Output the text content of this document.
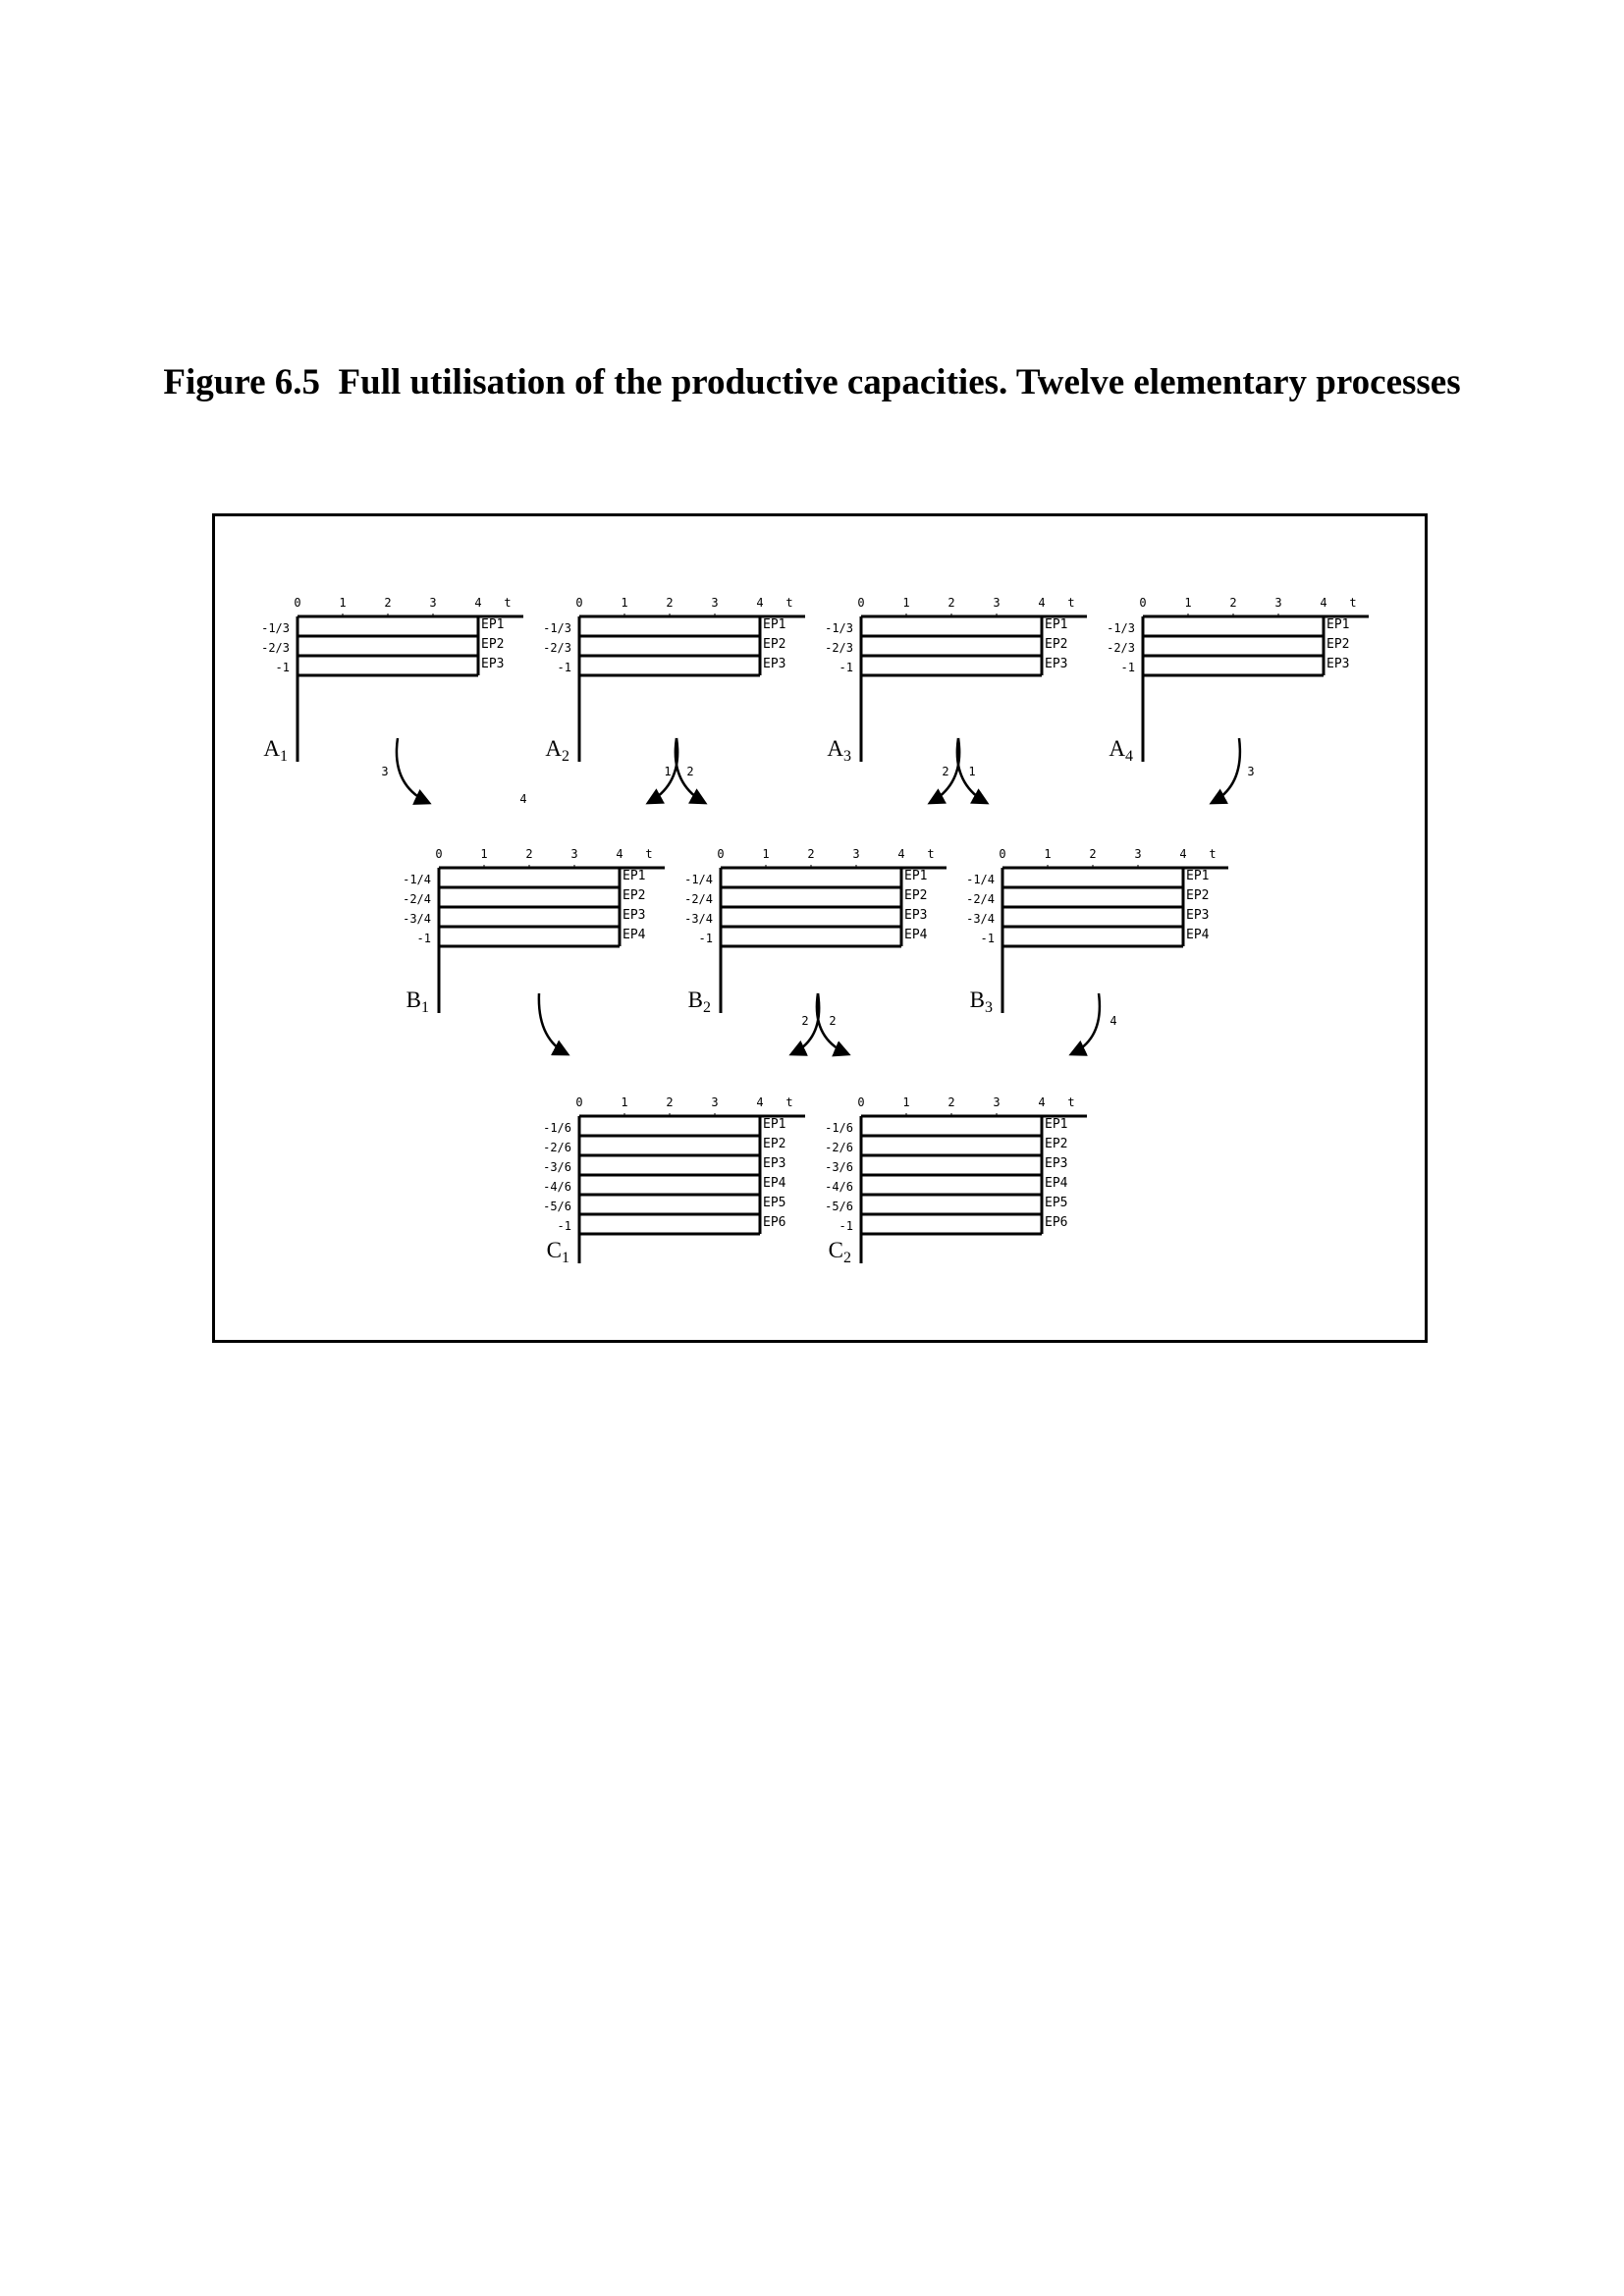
Figure 6.5  Full utilisation of the productive capacities. Twelve elementary processes
0	1	2	3	4 t
-1/3
-2/3
-1
EP1
EP2
EP3
$A_1$
0	1	2	3	4 t
-1/3
-2/3
-1
EP1
EP2
EP3
$A_2$
0	1	2	3	4 t
-1/3
-2/3
-1
EP1
EP2
EP3
$A_3$
0	1	2	3	4 t
-1/3
-2/3
-1
EP1
EP2
EP3
$A_4$
0	1	2	3	4 t
-1/4
-2/4
-3/4
-1
EP1
EP2
EP3
EP4
$B_1$
0	1	2	3	4 t
-1/4
-2/4
-3/4
-1
EP1
EP2
EP3
EP4
$B_2$
0	1	2	3	4 t
-1/4
-2/4
-3/4
-1
EP1
EP2
EP3
EP4
$B_3$
0	1	2	3	4 t
-1/6
-2/6
-3/6
-4/6
-5/6
-1
EP1
EP2
EP3
EP4
EP5
EP6
$C_1$
0	1	2	3	4 t
-1/6
-2/6
-3/6
-4/6
-5/6
-1
EP1
EP2
EP3
EP4
EP5
EP6
$C_2$
3	1 2	2 1	3
2 2	4
4
